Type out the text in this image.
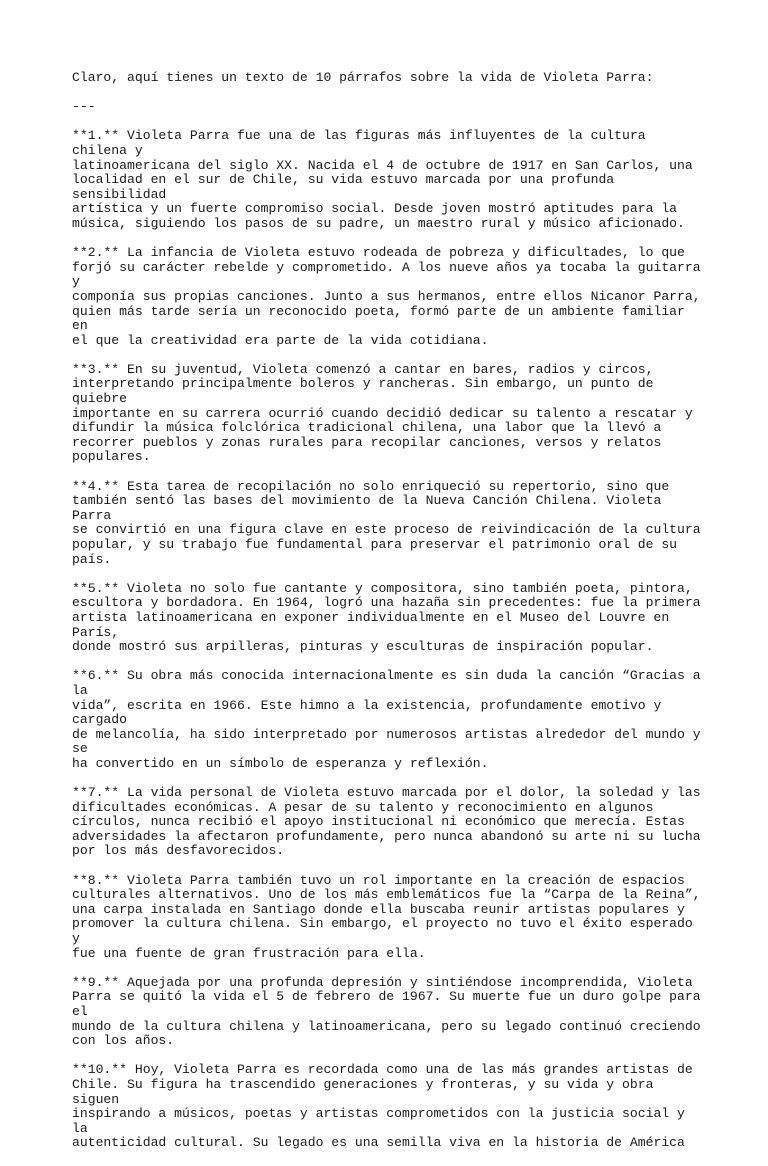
Claro, aquí tienes un texto de 10 párrafos sobre la vida de Violeta Parra:
---
**1.** Violeta Parra fue una de las figuras más influyentes de la cultura chilena y
latinoamericana del siglo XX. Nacida el 4 de octubre de 1917 en San Carlos, una
localidad en el sur de Chile, su vida estuvo marcada por una profunda sensibilidad
artística y un fuerte compromiso social. Desde joven mostró aptitudes para la
música, siguiendo los pasos de su padre, un maestro rural y músico aficionado.
**2.** La infancia de Violeta estuvo rodeada de pobreza y dificultades, lo que
forjó su carácter rebelde y comprometido. A los nueve años ya tocaba la guitarra y
componía sus propias canciones. Junto a sus hermanos, entre ellos Nicanor Parra,
quien más tarde sería un reconocido poeta, formó parte de un ambiente familiar en
el que la creatividad era parte de la vida cotidiana.
**3.** En su juventud, Violeta comenzó a cantar en bares, radios y circos,
interpretando principalmente boleros y rancheras. Sin embargo, un punto de quiebre
importante en su carrera ocurrió cuando decidió dedicar su talento a rescatar y
difundir la música folclórica tradicional chilena, una labor que la llevó a
recorrer pueblos y zonas rurales para recopilar canciones, versos y relatos
populares.
**4.** Esta tarea de recopilación no solo enriqueció su repertorio, sino que
también sentó las bases del movimiento de la Nueva Canción Chilena. Violeta Parra
se convirtió en una figura clave en este proceso de reivindicación de la cultura
popular, y su trabajo fue fundamental para preservar el patrimonio oral de su país.
**5.** Violeta no solo fue cantante y compositora, sino también poeta, pintora,
escultora y bordadora. En 1964, logró una hazaña sin precedentes: fue la primera
artista latinoamericana en exponer individualmente en el Museo del Louvre en París,
donde mostró sus arpilleras, pinturas y esculturas de inspiración popular.
**6.** Su obra más conocida internacionalmente es sin duda la canción “Gracias a la
vida”, escrita en 1966. Este himno a la existencia, profundamente emotivo y cargado
de melancolía, ha sido interpretado por numerosos artistas alrededor del mundo y se
ha convertido en un símbolo de esperanza y reflexión.
**7.** La vida personal de Violeta estuvo marcada por el dolor, la soledad y las
dificultades económicas. A pesar de su talento y reconocimiento en algunos
círculos, nunca recibió el apoyo institucional ni económico que merecía. Estas
adversidades la afectaron profundamente, pero nunca abandonó su arte ni su lucha
por los más desfavorecidos.
**8.** Violeta Parra también tuvo un rol importante en la creación de espacios
culturales alternativos. Uno de los más emblemáticos fue la “Carpa de la Reina”,
una carpa instalada en Santiago donde ella buscaba reunir artistas populares y
promover la cultura chilena. Sin embargo, el proyecto no tuvo el éxito esperado y
fue una fuente de gran frustración para ella.
**9.** Aquejada por una profunda depresión y sintiéndose incomprendida, Violeta
Parra se quitó la vida el 5 de febrero de 1967. Su muerte fue un duro golpe para el
mundo de la cultura chilena y latinoamericana, pero su legado continuó creciendo
con los años.
**10.** Hoy, Violeta Parra es recordada como una de las más grandes artistas de
Chile. Su figura ha trascendido generaciones y fronteras, y su vida y obra siguen
inspirando a músicos, poetas y artistas comprometidos con la justicia social y la
autenticidad cultural. Su legado es una semilla viva en la historia de América
